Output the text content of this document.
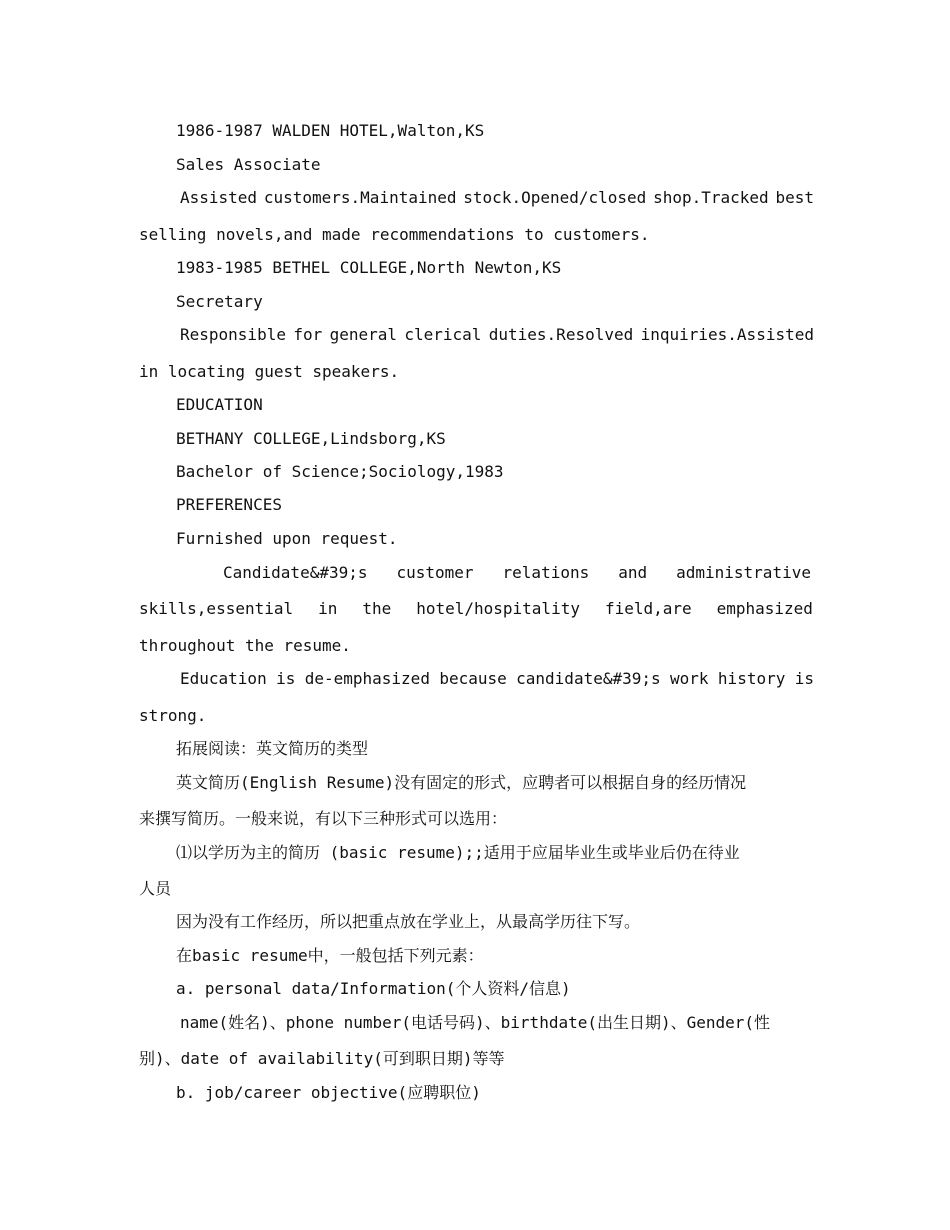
1986-1987 WALDEN HOTEL,Walton,KS
Sales Associate
Assisted customers.Maintained stock.Opened/closed shop.Tracked best
selling novels,and made recommendations to customers.
1983-1985 BETHEL COLLEGE,North Newton,KS
Secretary
Responsible for general clerical duties.Resolved inquiries.Assisted
in locating guest speakers.
EDUCATION
BETHANY COLLEGE,Lindsborg,KS
Bachelor of Science;Sociology,1983
PREFERENCES
Furnished upon request.
Candidate&#39;s customer relations and administrative
skills,essential in the hotel/hospitality field,are emphasized
throughout the resume.
Education is de-emphasized because candidate&#39;s work history is
strong.
拓展阅读：英文简历的类型
英文简历(English Resume)没有固定的形式，应聘者可以根据自身的经历情况
来撰写简历。一般来说，有以下三种形式可以选用：
⑴以学历为主的简历 (basic resume);;适用于应届毕业生或毕业后仍在待业
人员
因为没有工作经历，所以把重点放在学业上，从最高学历往下写。
在basic resume中，一般包括下列元素：
a. personal data/Information(个人资料/信息)
name(姓名)、phone number(电话号码)、birthdate(出生日期)、Gender(性
别)、date of availability(可到职日期)等等
b. job/career objective(应聘职位)
